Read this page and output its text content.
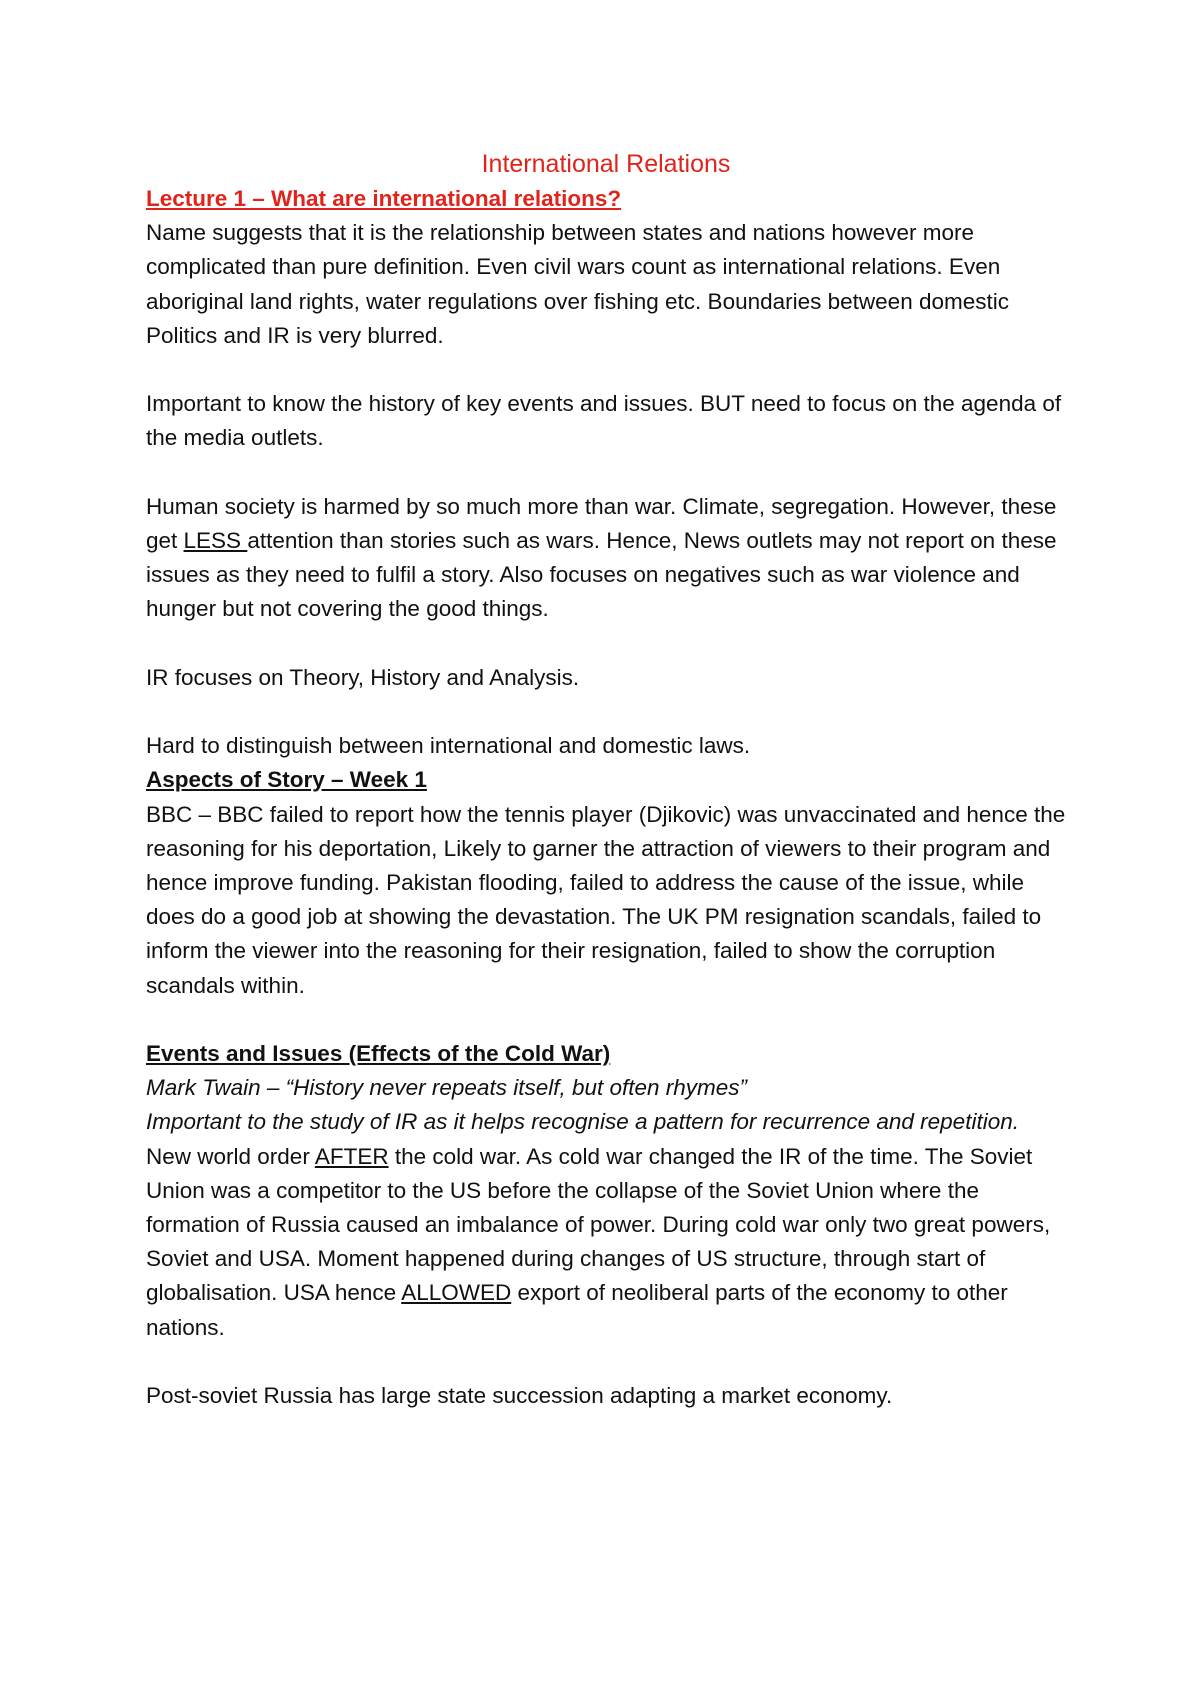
International Relations

Lecture 1 – What are international relations?

Name suggests that it is the relationship between states and nations however more complicated than pure definition. Even civil wars count as international relations. Even aboriginal land rights, water regulations over fishing etc. Boundaries between domestic Politics and IR is very blurred.

Important to know the history of key events and issues. BUT need to focus on the agenda of the media outlets.

Human society is harmed by so much more than war. Climate, segregation. However, these get LESS attention than stories such as wars. Hence, News outlets may not report on these issues as they need to fulfil a story. Also focuses on negatives such as war violence and hunger but not covering the good things.

IR focuses on Theory, History and Analysis.

Hard to distinguish between international and domestic laws.

Aspects of Story – Week 1

BBC – BBC failed to report how the tennis player (Djikovic) was unvaccinated and hence the reasoning for his deportation, Likely to garner the attraction of viewers to their program and hence improve funding. Pakistan flooding, failed to address the cause of the issue, while does do a good job at showing the devastation. The UK PM resignation scandals, failed to inform the viewer into the reasoning for their resignation, failed to show the corruption scandals within.

Events and Issues (Effects of the Cold War)

Mark Twain – “History never repeats itself, but often rhymes”

Important to the study of IR as it helps recognise a pattern for recurrence and repetition.

New world order AFTER the cold war. As cold war changed the IR of the time. The Soviet Union was a competitor to the US before the collapse of the Soviet Union where the formation of Russia caused an imbalance of power. During cold war only two great powers, Soviet and USA. Moment happened during changes of US structure, through start of globalisation. USA hence ALLOWED export of neoliberal parts of the economy to other nations.

Post-soviet Russia has large state succession adapting a market economy.
